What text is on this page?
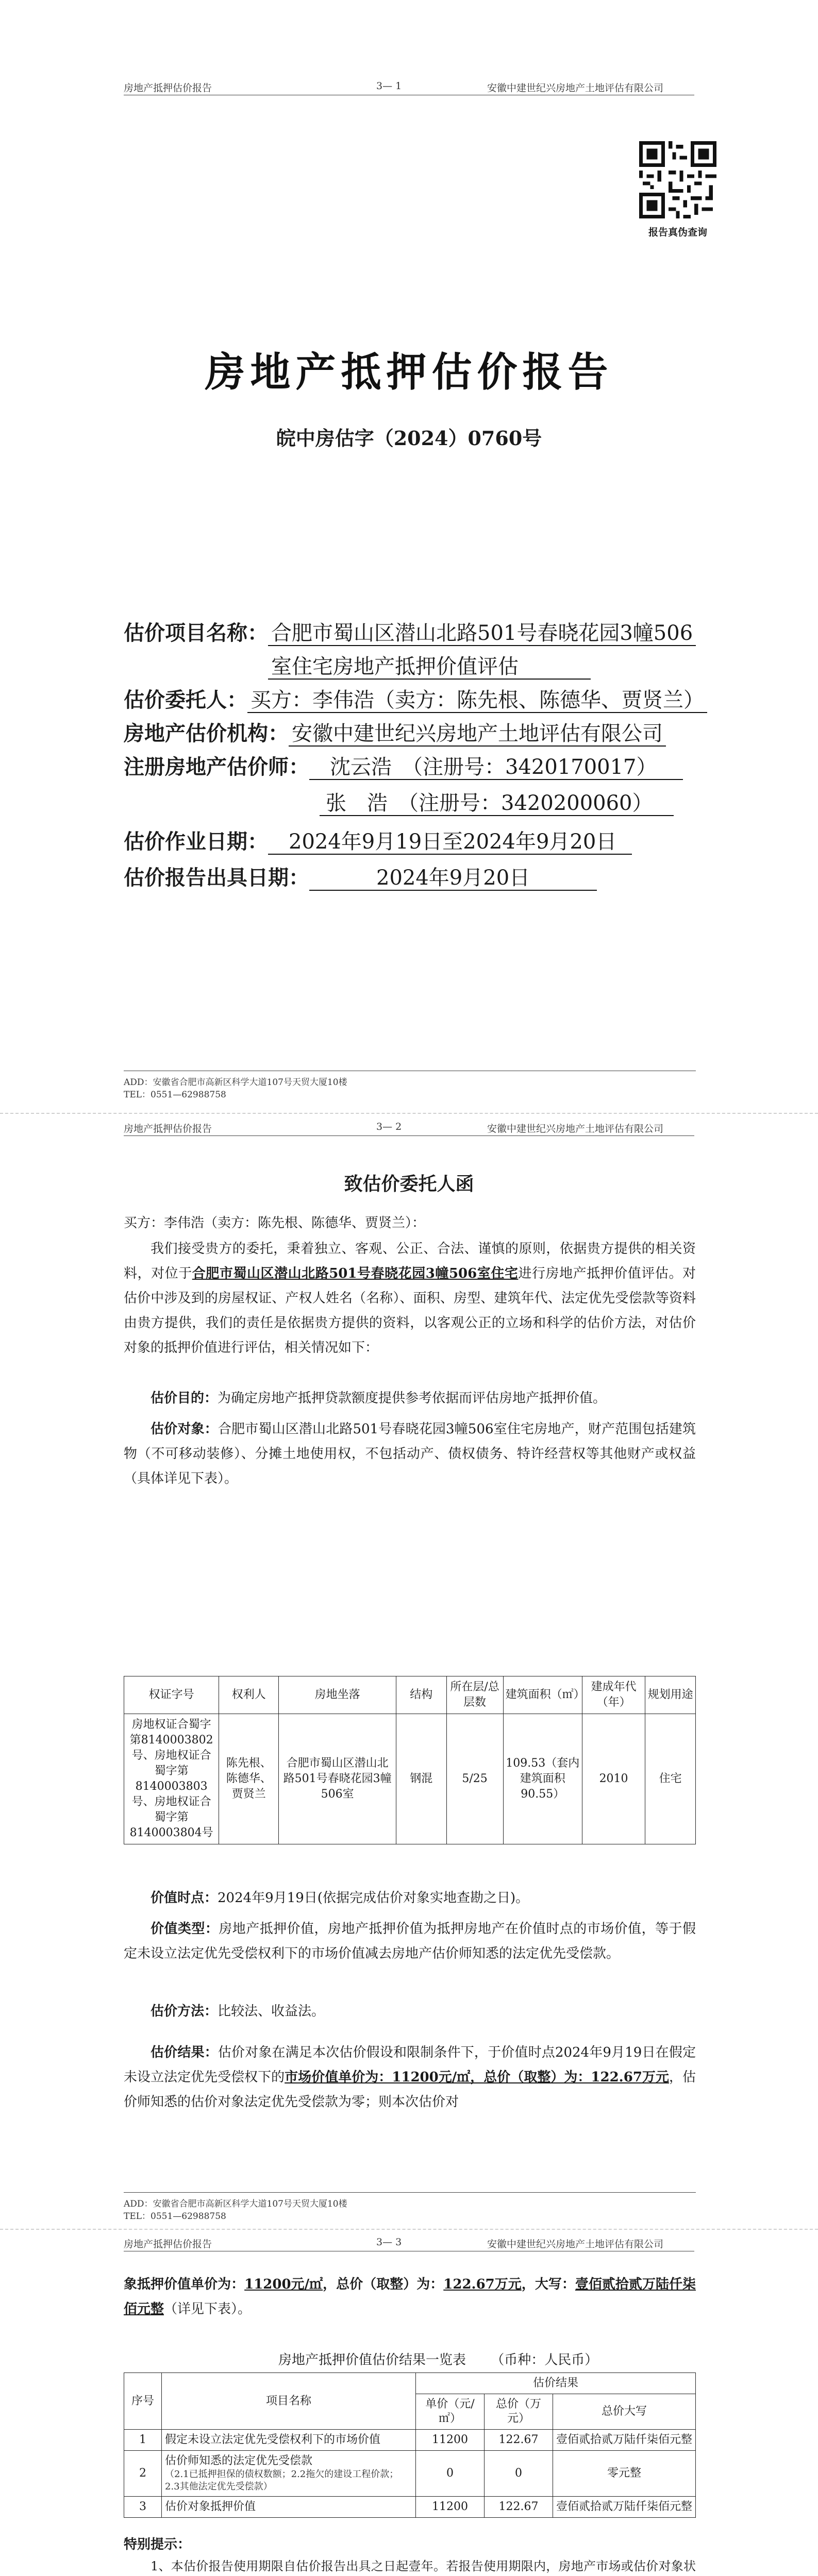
房地产抵押估价报告	3— 1	安徽中建世纪兴房地产土地评估有限公司
报告真伪查询
房地产抵押估价报告
皖中房估字（2024）0760号
估价项目名称： 合肥市蜀山区潜山北路501号春晓花园3幢506
室住宅房地产抵押价值评估
估价委托人： 买方：李伟浩（卖方：陈先根、陈德华、贾贤兰）
房地产估价机构： 安徽中建世纪兴房地产土地评估有限公司
注册房地产估价师： 沈云浩　（注册号：3420170017）
张　浩　（注册号：3420200060）
估价作业日期： 2024年9月19日至2024年9月20日
估价报告出具日期：	2024年9月20日
ADD：安徽省合肥市高新区科学大道107号天贸大厦10楼
TEL：0551—62988758
房地产抵押估价报告	3— 2	安徽中建世纪兴房地产土地评估有限公司
致估价委托人函
买方：李伟浩（卖方：陈先根、陈德华、贾贤兰）：
我们接受贵方的委托，秉着独立、客观、公正、合法、谨慎的原则，依据贵方提供的相关资料，对位于合肥市蜀山区潜山北路501号春晓花园3幢506室住宅进行房地产抵押价值评估。对估价中涉及到的房屋权证、产权人姓名（名称）、面积、房型、建筑年代、法定优先受偿款等资料由贵方提供，我们的责任是依据贵方提供的资料，以客观公正的立场和科学的估价方法，对估价对象的抵押价值进行评估，相关情况如下：
估价目的：为确定房地产抵押贷款额度提供参考依据而评估房地产抵押价值。
估价对象：合肥市蜀山区潜山北路501号春晓花园3幢506室住宅房地产，财产范围包括建筑物（不可移动装修）、分摊土地使用权，不包括动产、债权债务、特许经营权等其他财产或权益（具体详见下表）。
权证字号	权利人	房地坐落	结构	所在层/总层数	建筑面积（㎡）	建成年代（年）	规划用途
房地权证合蜀字第8140003802号、房地权证合蜀字第8140003803号、房地权证合蜀字第8140003804号	陈先根、陈德华、贾贤兰	合肥市蜀山区潜山北路501号春晓花园3幢506室	钢混	5/25	109.53（套内建筑面积90.55）	2010	住宅
价值时点：2024年9月19日(依据完成估价对象实地查勘之日)。
价值类型：房地产抵押价值，房地产抵押价值为抵押房地产在价值时点的市场价值，等于假定未设立法定优先受偿权利下的市场价值减去房地产估价师知悉的法定优先受偿款。
估价方法：比较法、收益法。
估价结果：估价对象在满足本次估价假设和限制条件下，于价值时点2024年9月19日在假定未设立法定优先受偿权下的市场价值单价为：11200元/㎡，总价（取整）为：122.67万元，估价师知悉的估价对象法定优先受偿款为零；则本次估价对
ADD：安徽省合肥市高新区科学大道107号天贸大厦10楼
TEL：0551—62988758
房地产抵押估价报告	3— 3	安徽中建世纪兴房地产土地评估有限公司
象抵押价值单价为：11200元/㎡，总价（取整）为：122.67万元，大写：壹佰贰拾贰万陆仟柒佰元整（详见下表）。
房地产抵押价值估价结果一览表 （币种：人民币）
序号	项目名称	估价结果		
		单价（元/㎡）	总价（万元）	总价大写
1	假定未设立法定优先受偿权利下的市场价值	11200	122.67	壹佰贰拾贰万陆仟柒佰元整
2	估价师知悉的法定优先受偿款
（2.1已抵押担保的债权数额；2.2拖欠的建设工程价款；2.3其他法定优先受偿款）	0	0	零元整
3	估价对象抵押价值	11200	122.67	壹佰贰拾贰万陆仟柒佰元整
特别提示：
1、本估价报告使用期限自估价报告出具之日起壹年。若报告使用期限内，房地产市场或估价对象状
